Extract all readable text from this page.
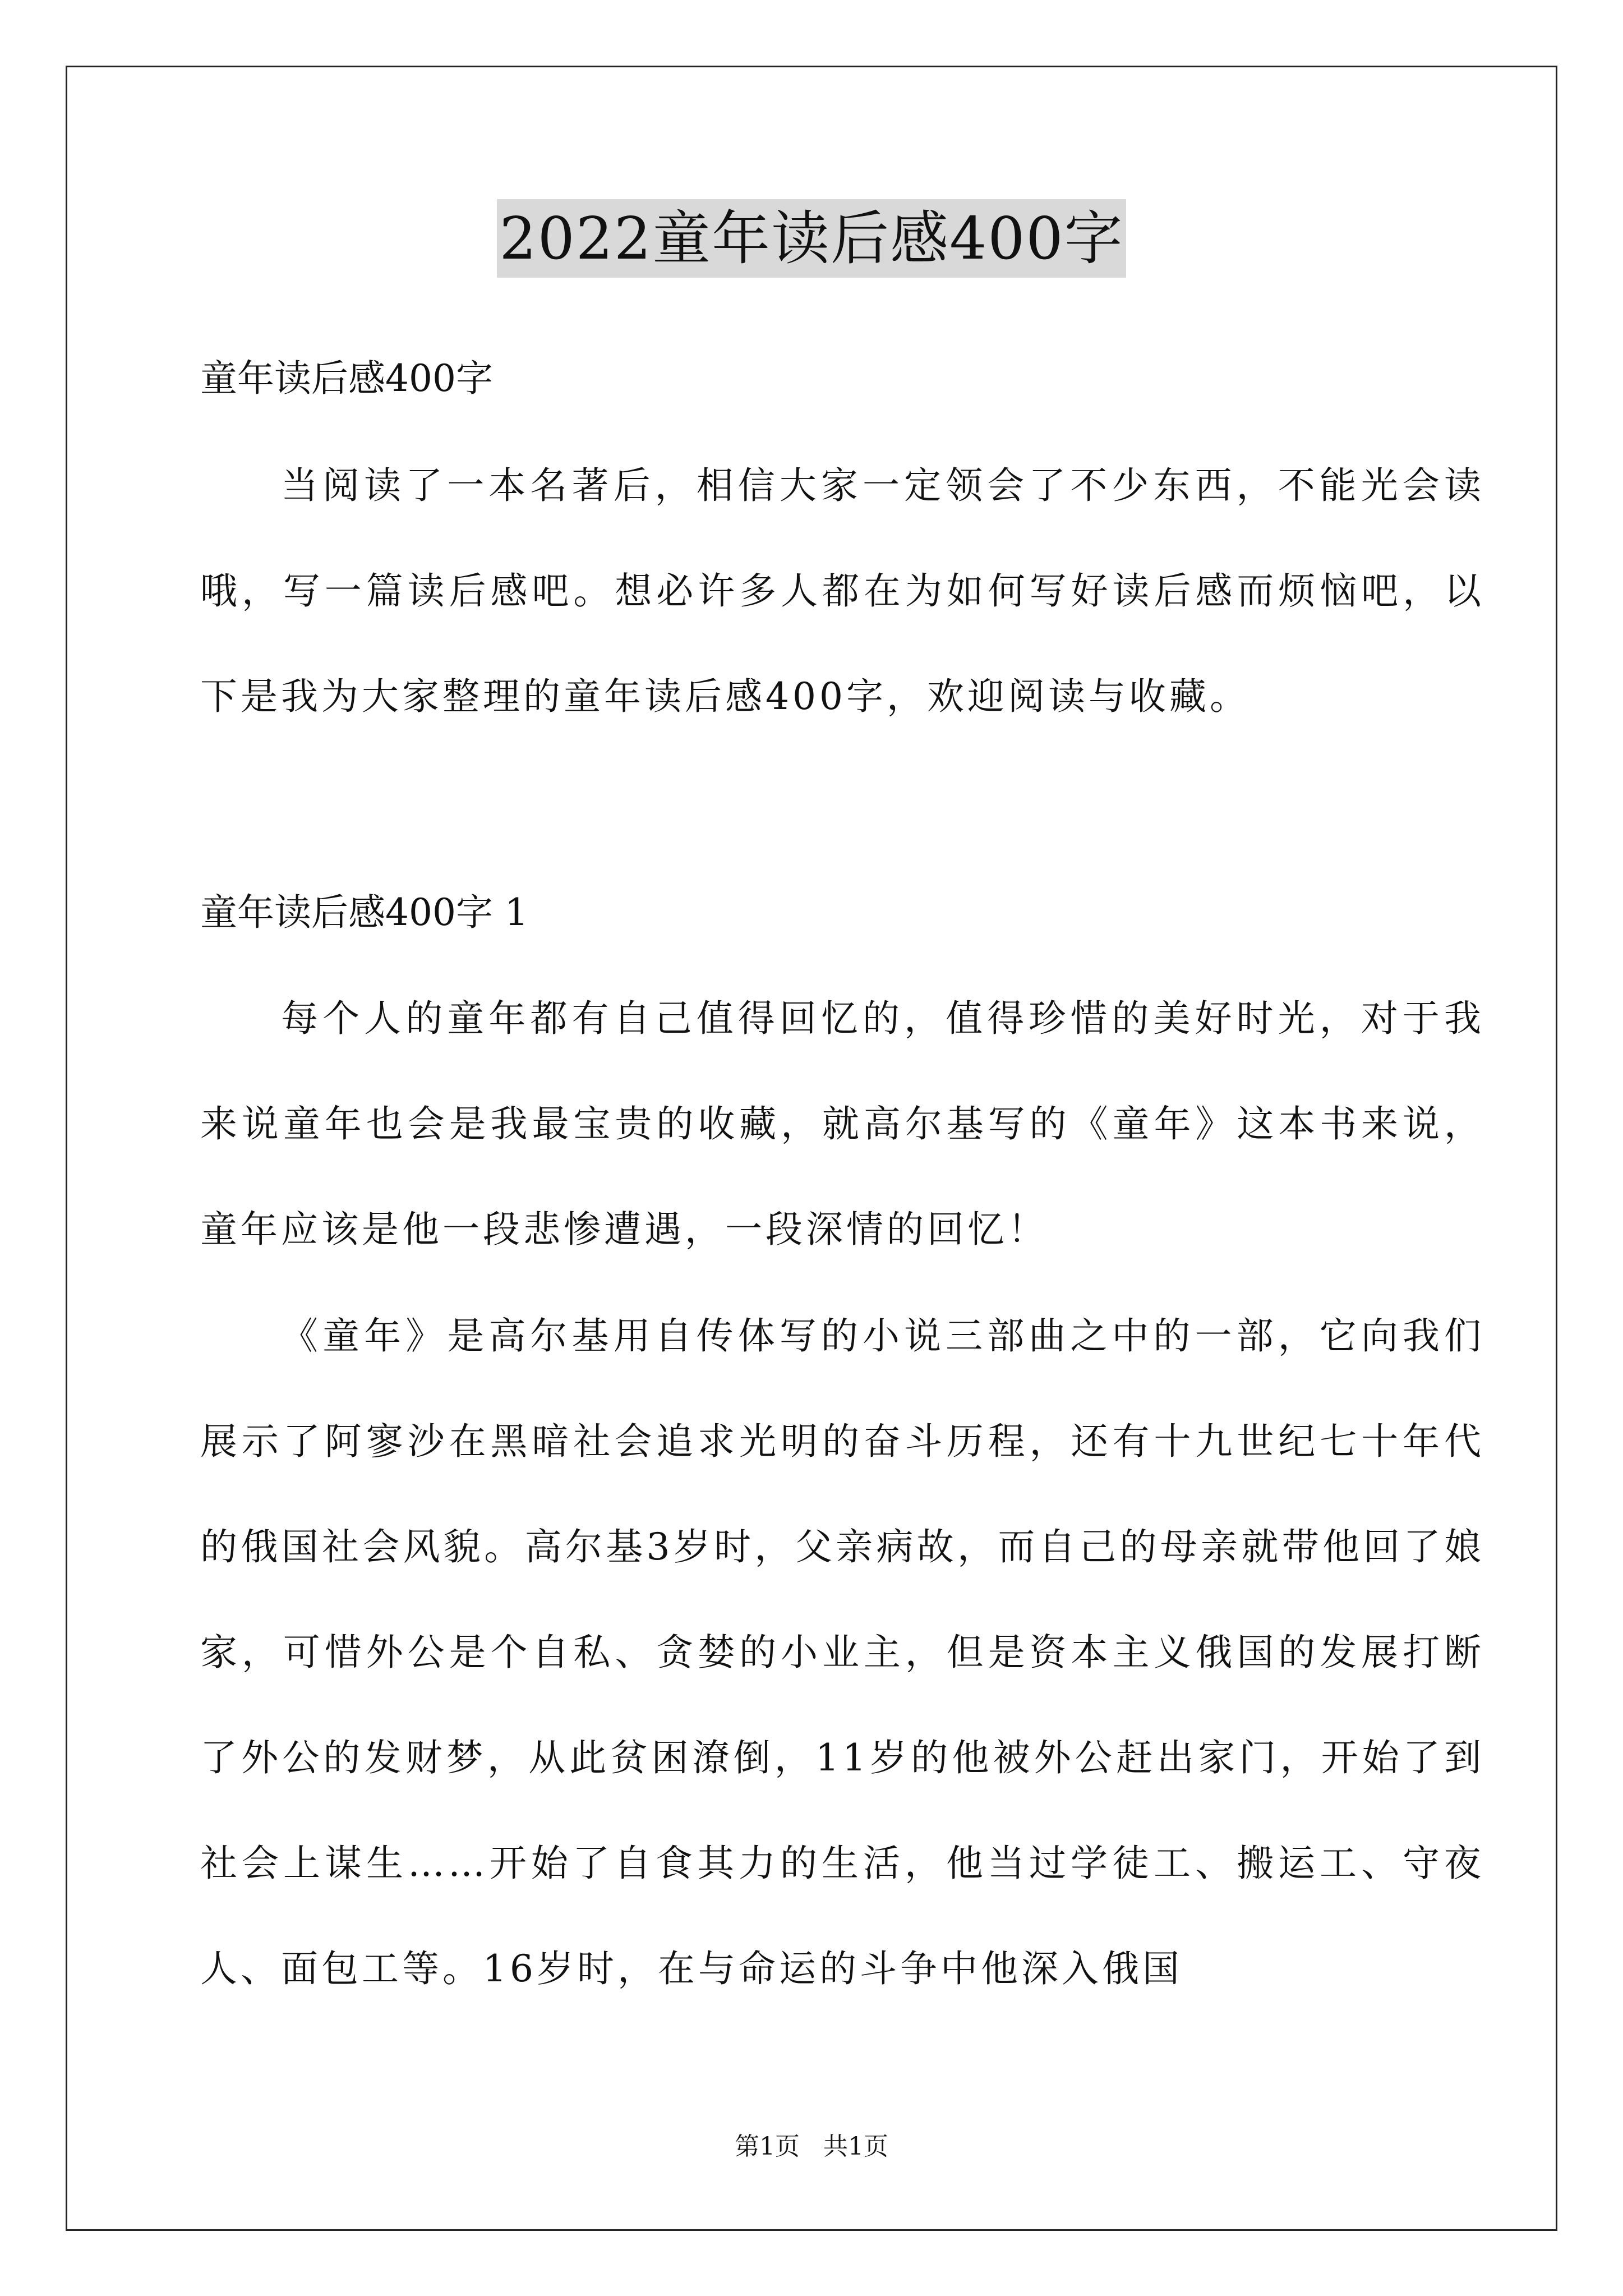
2022童年读后感400字
童年读后感400字
当阅读了一本名著后，相信大家一定领会了不少东西，不能光会读哦，写一篇读后感吧。想必许多人都在为如何写好读后感而烦恼吧，以下是我为大家整理的童年读后感400字，欢迎阅读与收藏。
童年读后感400字 1
每个人的童年都有自己值得回忆的，值得珍惜的美好时光，对于我来说童年也会是我最宝贵的收藏，就高尔基写的《童年》这本书来说，童年应该是他一段悲惨遭遇，一段深情的回忆！
《童年》是高尔基用自传体写的小说三部曲之中的一部，它向我们展示了阿寥沙在黑暗社会追求光明的奋斗历程，还有十九世纪七十年代的俄国社会风貌。高尔基3岁时，父亲病故，而自己的母亲就带他回了娘家，可惜外公是个自私、贪婪的小业主，但是资本主义俄国的发展打断了外公的发财梦，从此贫困潦倒，11岁的他被外公赶出家门，开始了到社会上谋生……开始了自食其力的生活，他当过学徒工、搬运工、守夜人、面包工等。16岁时，在与命运的斗争中他深入俄国
第1页   共1页
